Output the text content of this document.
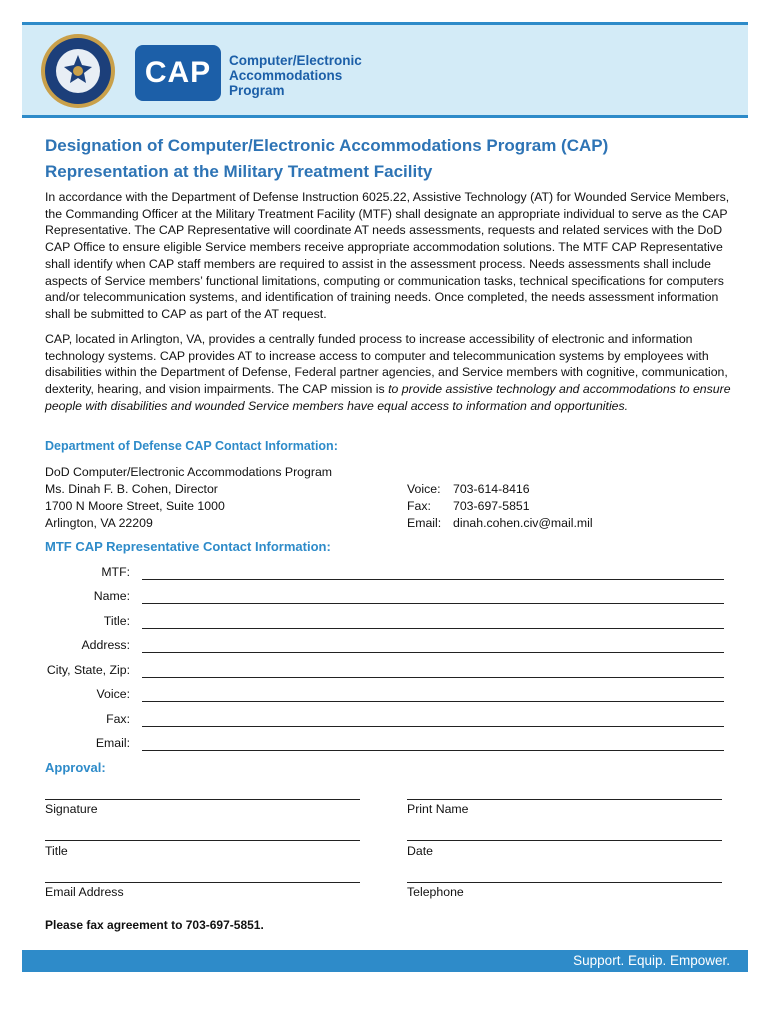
CAP Computer/Electronic
Accommodations
Program
Designation of Computer/Electronic Accommodations Program (CAP)
Representation at the Military Treatment Facility

In accordance with the Department of Defense Instruction 6025.22, Assistive Technology (AT) for Wounded Service Members, the Commanding Officer at the Military Treatment Facility (MTF) shall designate an appropriate individual to serve as the CAP Representative. The CAP Representative will coordinate AT needs assessments, requests and related services with the DoD CAP Office to ensure eligible Service members receive appropriate accommodation solutions. The MTF CAP Representative shall identify when CAP staff members are required to assist in the assessment process. Needs assessments shall include aspects of Service members’ functional limitations, computing or communication tasks, technical specifications for computers and/or telecommunication systems, and identification of training needs. Once completed, the needs assessment information shall be submitted to CAP as part of the AT request.

CAP, located in Arlington, VA, provides a centrally funded process to increase accessibility of electronic and information technology systems. CAP provides AT to increase access to computer and telecommunication systems by employees with disabilities within the Department of Defense, Federal partner agencies, and Service members with cognitive, communication, dexterity, hearing, and vision impairments. The CAP mission is to provide assistive technology and accommodations to ensure people with disabilities and wounded Service members have equal access to information and opportunities.

Department of Defense CAP Contact Information:
DoD Computer/Electronic Accommodations Program
Ms. Dinah F. B. Cohen, Director
1700 N Moore Street, Suite 1000
Arlington, VA 22209
Voice:	703-614-8416
Fax:	703-697-5851
Email: dinah.cohen.civ@mail.mil
MTF CAP Representative Contact Information:
MTF:
Name:
Title:
Address:
City, State, Zip:
Voice:
Fax:
Email:
Approval:
Signature	Print Name
Title	Date
Email Address	Telephone
Please fax agreement to 703-697-5851.
Support. Equip. Empower.
